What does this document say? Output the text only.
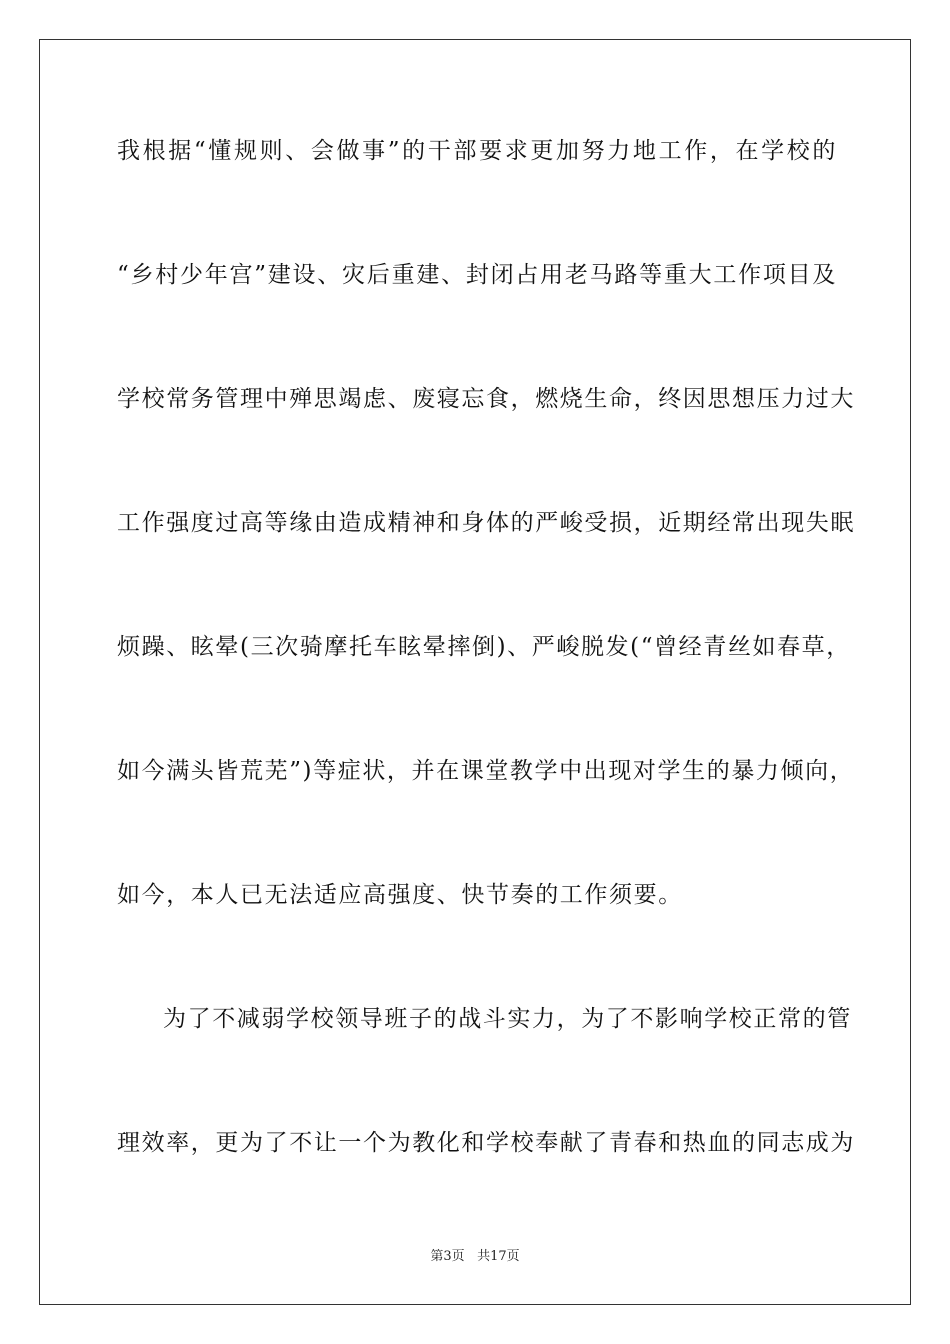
我根据“懂规则、会做事”的干部要求更加努力地工作，在学校的
“乡村少年宫”建设、灾后重建、封闭占用老马路等重大工作项目及
学校常务管理中殚思竭虑、废寝忘食，燃烧生命，终因思想压力过大
工作强度过高等缘由造成精神和身体的严峻受损，近期经常出现失眠
烦躁、眩晕(三次骑摩托车眩晕摔倒)、严峻脱发(“曾经青丝如春草，
如今满头皆荒芜”)等症状，并在课堂教学中出现对学生的暴力倾向，
如今，本人已无法适应高强度、快节奏的工作须要。
为了不减弱学校领导班子的战斗实力，为了不影响学校正常的管
理效率，更为了不让一个为教化和学校奉献了青春和热血的同志成为
第3页 共17页
